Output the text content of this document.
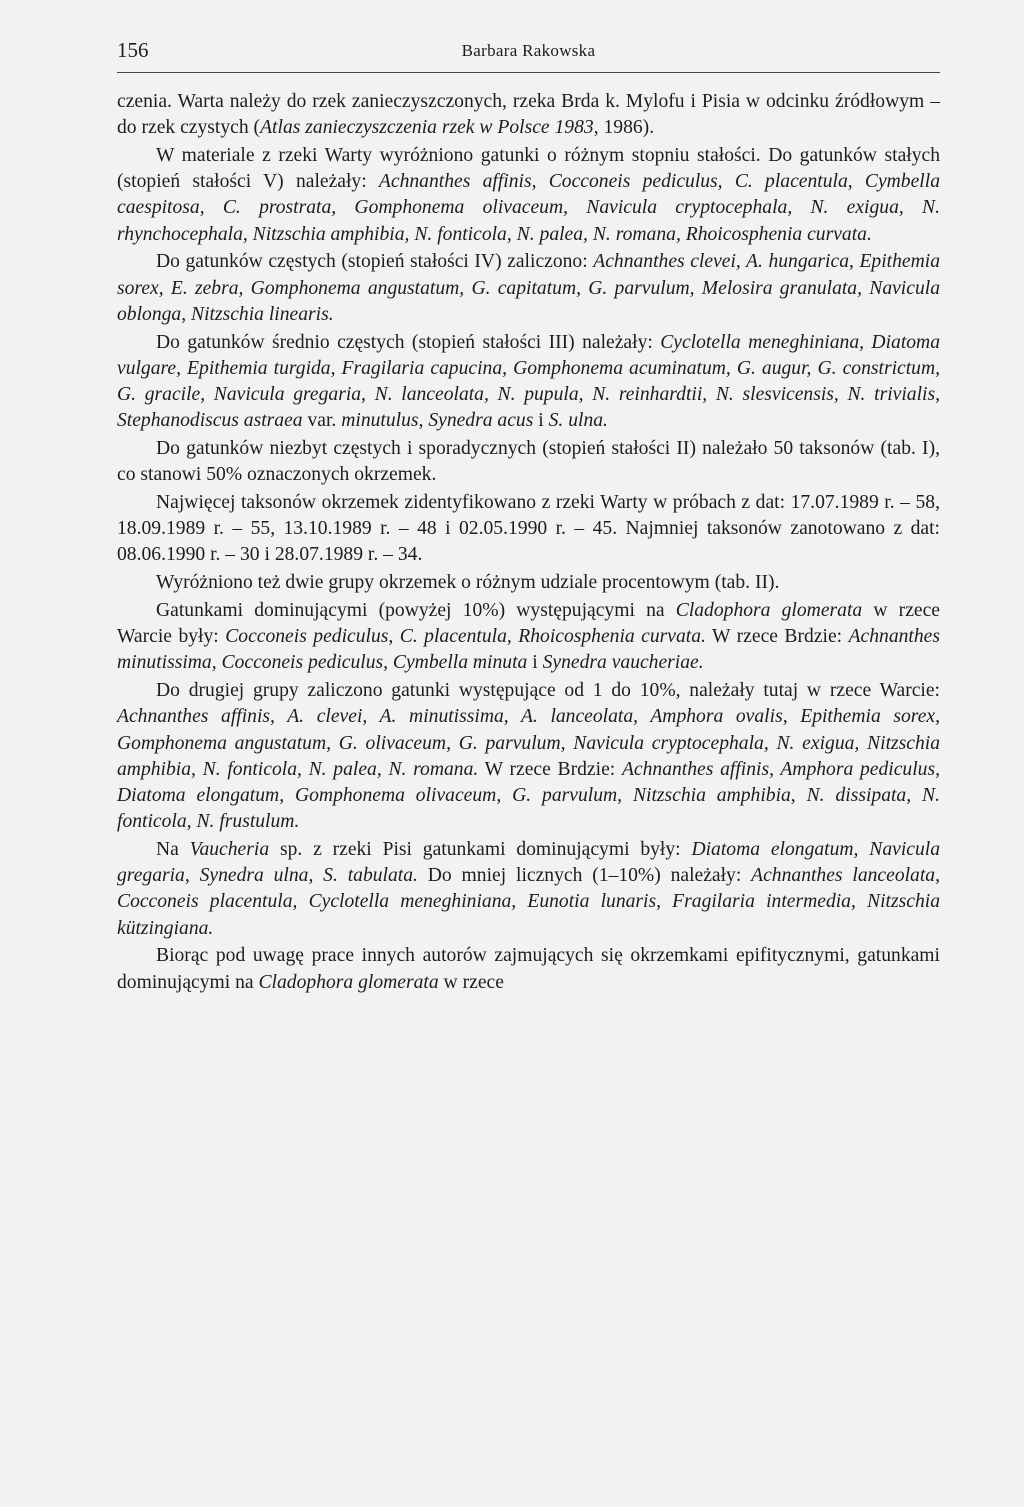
156	Barbara Rakowska

czenia. Warta należy do rzek zanieczyszczonych, rzeka Brda k. Mylofu i Pisia w odcinku źródłowym – do rzek czystych (Atlas zanieczyszczenia rzek w Polsce 1983, 1986).

W materiale z rzeki Warty wyróżniono gatunki o różnym stopniu stałości. Do gatunków stałych (stopień stałości V) należały: Achnanthes affinis, Cocconeis pediculus, C. placentula, Cymbella caespitosa, C. prostrata, Gomphonema olivaceum, Navicula cryptocephala, N. exigua, N. rhynchocephala, Nitzschia amphibia, N. fonticola, N. palea, N. romana, Rhoicosphenia curvata.

Do gatunków częstych (stopień stałości IV) zaliczono: Achnanthes clevei, A. hungarica, Epithemia sorex, E. zebra, Gomphonema angustatum, G. capitatum, G. parvulum, Melosira granulata, Navicula oblonga, Nitzschia linearis.

Do gatunków średnio częstych (stopień stałości III) należały: Cyclotella meneghiniana, Diatoma vulgare, Epithemia turgida, Fragilaria capucina, Gomphonema acuminatum, G. augur, G. constrictum, G. gracile, Navicula gregaria, N. lanceolata, N. pupula, N. reinhardtii, N. slesvicensis, N. trivialis, Stephanodiscus astraea var. minutulus, Synedra acus i S. ulna.

Do gatunków niezbyt częstych i sporadycznych (stopień stałości II) należało 50 taksonów (tab. I), co stanowi 50% oznaczonych okrzemek.

Najwięcej taksonów okrzemek zidentyfikowano z rzeki Warty w próbach z dat: 17.07.1989 r. – 58, 18.09.1989 r. – 55, 13.10.1989 r. – 48 i 02.05.1990 r. – 45. Najmniej taksonów zanotowano z dat: 08.06.1990 r. – 30 i 28.07.1989 r. – 34.

Wyróżniono też dwie grupy okrzemek o różnym udziale procentowym (tab. II).

Gatunkami dominującymi (powyżej 10%) występującymi na Cladophora glomerata w rzece Warcie były: Cocconeis pediculus, C. placentula, Rhoicosphenia curvata. W rzece Brdzie: Achnanthes minutissima, Cocconeis pediculus, Cymbella minuta i Synedra vaucheriae.

Do drugiej grupy zaliczono gatunki występujące od 1 do 10%, należały tutaj w rzece Warcie: Achnanthes affinis, A. clevei, A. minutissima, A. lanceolata, Amphora ovalis, Epithemia sorex, Gomphonema angustatum, G. olivaceum, G. parvulum, Navicula cryptocephala, N. exigua, Nitzschia amphibia, N. fonticola, N. palea, N. romana. W rzece Brdzie: Achnanthes affinis, Amphora pediculus, Diatoma elongatum, Gomphonema olivaceum, G. parvulum, Nitzschia amphibia, N. dissipata, N. fonticola, N. frustulum.

Na Vaucheria sp. z rzeki Pisi gatunkami dominującymi były: Diatoma elongatum, Navicula gregaria, Synedra ulna, S. tabulata. Do mniej licznych (1–10%) należały: Achnanthes lanceolata, Cocconeis placentula, Cyclotella meneghiniana, Eunotia lunaris, Fragilaria intermedia, Nitzschia kützingiana.

Biorąc pod uwagę prace innych autorów zajmujących się okrzemkami epifitycznymi, gatunkami dominującymi na Cladophora glomerata w rzece
